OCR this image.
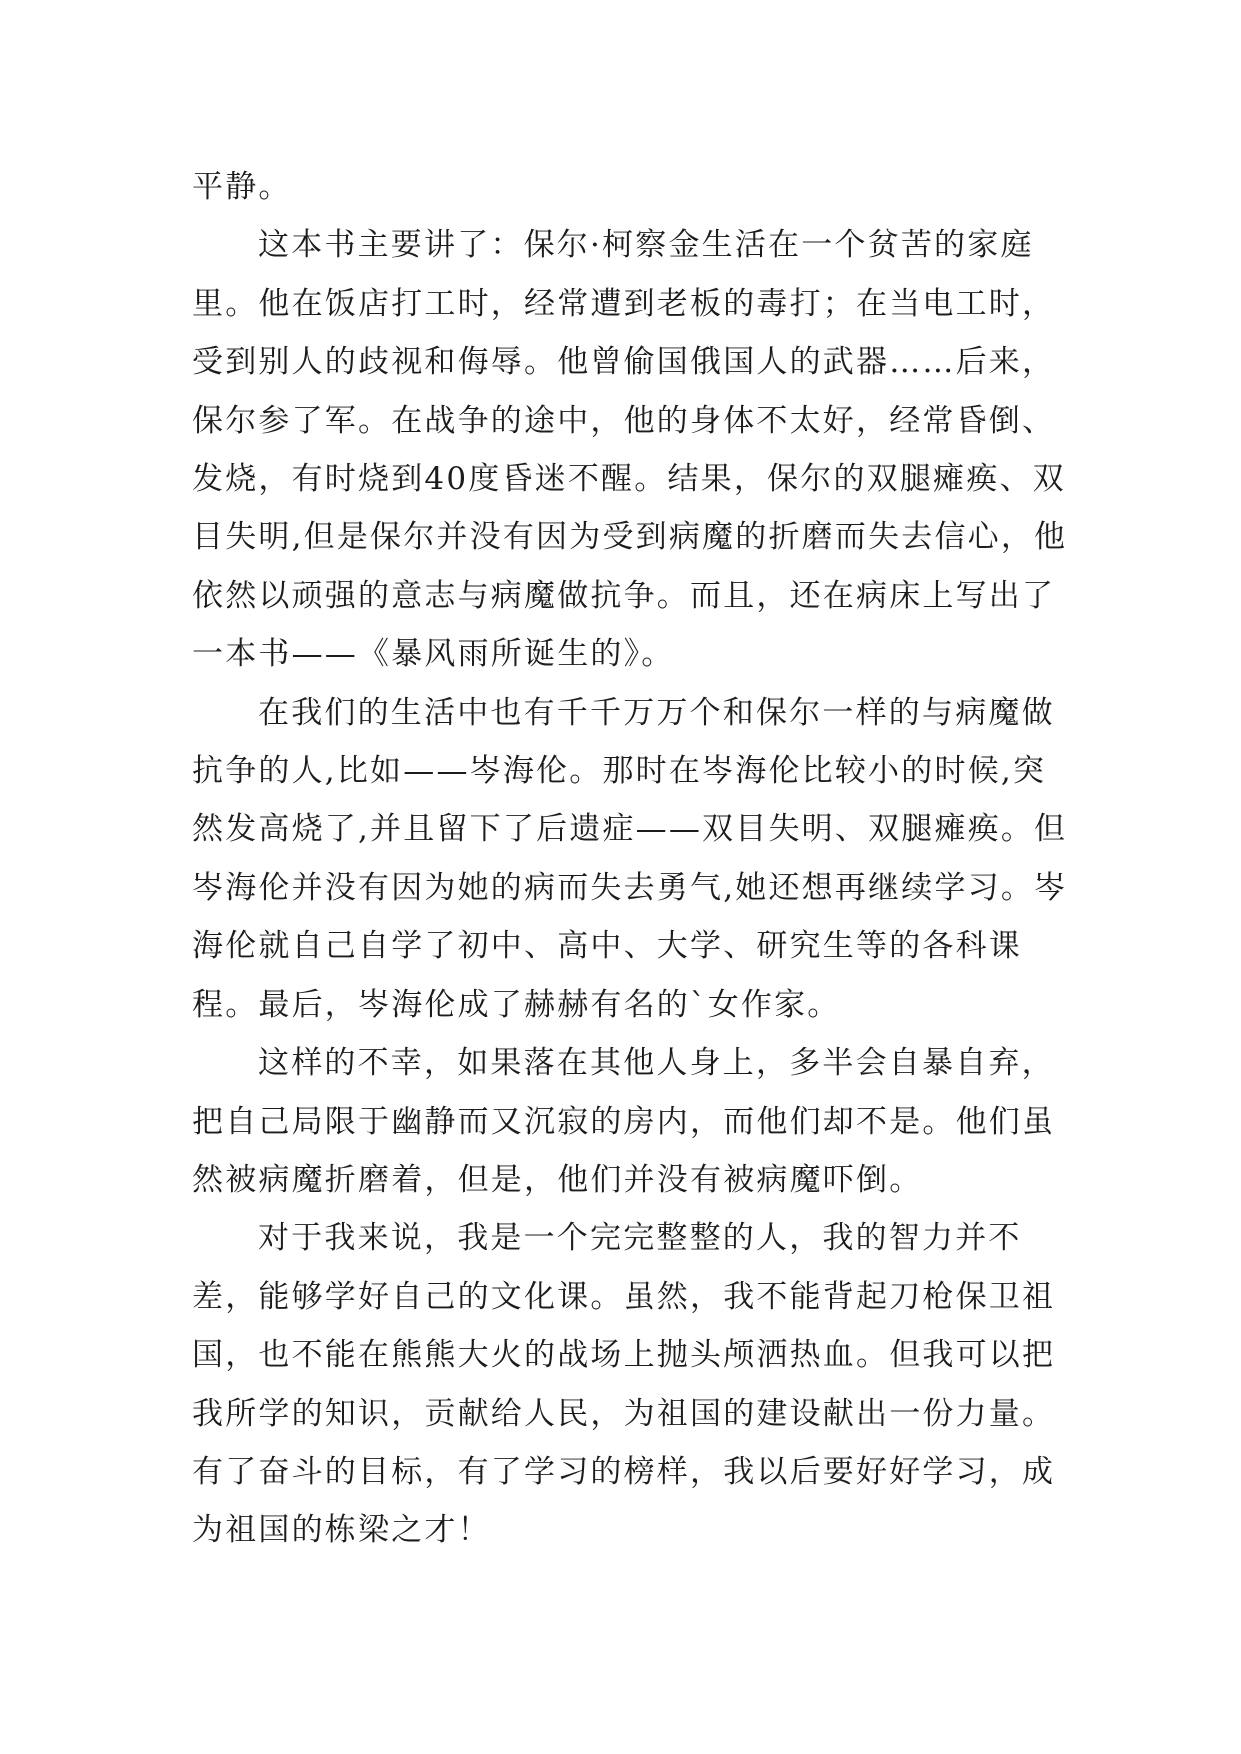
平静。

这本书主要讲了：保尔·柯察金生活在一个贫苦的家庭里。他在饭店打工时，经常遭到老板的毒打；在当电工时，受到别人的歧视和侮辱。他曾偷国俄国人的武器……后来，保尔参了军。在战争的途中，他的身体不太好，经常昏倒、发烧，有时烧到40度昏迷不醒。结果，保尔的双腿瘫痪、双目失明,但是保尔并没有因为受到病魔的折磨而失去信心，他依然以顽强的意志与病魔做抗争。而且，还在病床上写出了一本书——《暴风雨所诞生的》。

在我们的生活中也有千千万万个和保尔一样的与病魔做抗争的人,比如——岑海伦。那时在岑海伦比较小的时候,突然发高烧了,并且留下了后遗症——双目失明、双腿瘫痪。但岑海伦并没有因为她的病而失去勇气,她还想再继续学习。岑海伦就自己自学了初中、高中、大学、研究生等的各科课程。最后，岑海伦成了赫赫有名的`女作家。

这样的不幸，如果落在其他人身上，多半会自暴自弃，把自己局限于幽静而又沉寂的房内，而他们却不是。他们虽然被病魔折磨着，但是，他们并没有被病魔吓倒。

对于我来说，我是一个完完整整的人，我的智力并不差，能够学好自己的文化课。虽然，我不能背起刀枪保卫祖国，也不能在熊熊大火的战场上抛头颅洒热血。但我可以把我所学的知识，贡献给人民，为祖国的建设献出一份力量。有了奋斗的目标，有了学习的榜样，我以后要好好学习，成为祖国的栋梁之才！
